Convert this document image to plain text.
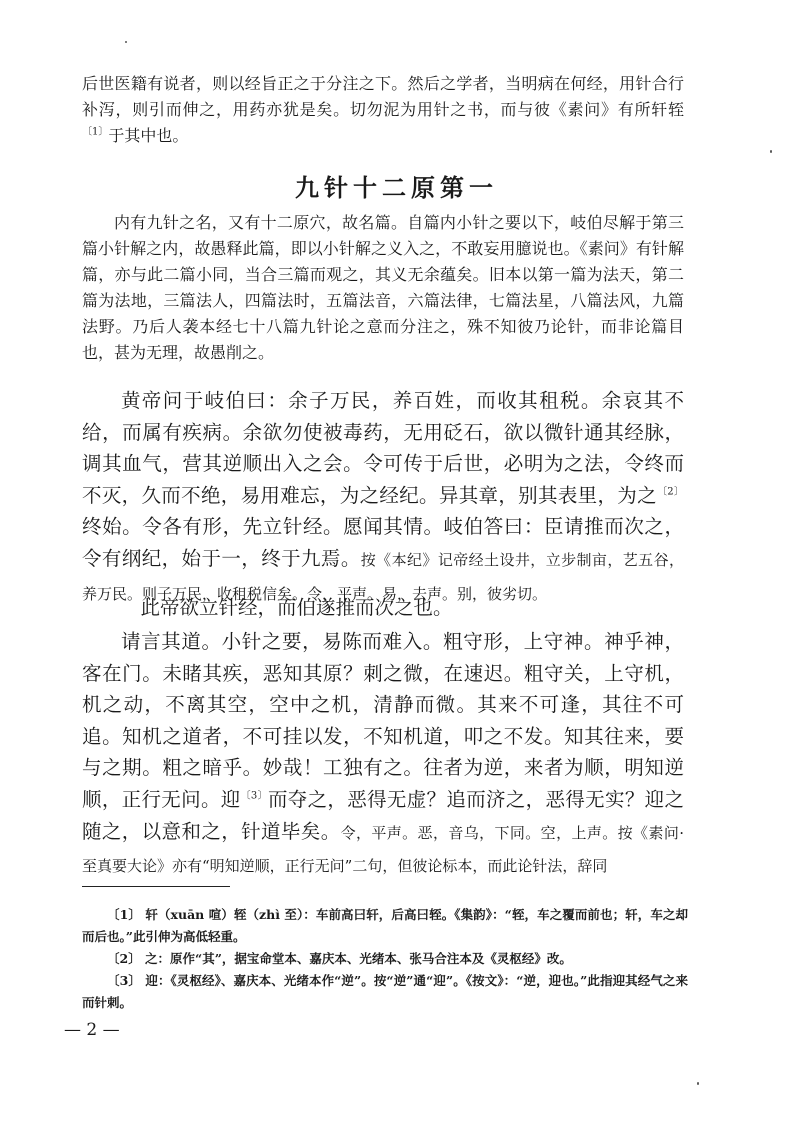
后世医籍有说者，则以经旨正之于分注之下。然后之学者，当明病在何经，用针合行补泻，则引而伸之，用药亦犹是矣。切勿泥为用针之书，而与彼《素问》有所轩轾$^{〔1〕}$于其中也。

九针十二原第一

内有九针之名，又有十二原穴，故名篇。自篇内小针之要以下，岐伯尽解于第三篇小针解之内，故愚释此篇，即以小针解之义入之，不敢妄用臆说也。《素问》有针解篇，亦与此二篇小同，当合三篇而观之，其义无余蕴矣。旧本以第一篇为法天，第二篇为法地，三篇法人，四篇法时，五篇法音，六篇法律，七篇法星，八篇法风，九篇法野。乃后人袭本经七十八篇九针论之意而分注之，殊不知彼乃论针，而非论篇目也，甚为无理，故愚削之。

黄帝问于岐伯曰：余子万民，养百姓，而收其租税。余哀其不给，而属有疾病。余欲勿使被毒药，无用砭石，欲以微针通其经脉，调其血气，营其逆顺出入之会。令可传于后世，必明为之法，令终而不灭，久而不绝，易用难忘，为之经纪。异其章，别其表里，为之$^{〔2〕}$终始。令各有形，先立针经。愿闻其情。岐伯答曰：臣请推而次之，令有纲纪，始于一，终于九焉。按《本纪》记帝经土设井，立步制亩，艺五谷，养万民。则子万民，收租税信矣。令，平声。易，去声。别，彼劣切。

此帝欲立针经，而伯遂推而次之也。

请言其道。小针之要，易陈而难入。粗守形，上守神。神乎神，客在门。未睹其疾，恶知其原？刺之微，在速迟。粗守关，上守机，机之动，不离其空，空中之机，清静而微。其来不可逢，其往不可追。知机之道者，不可挂以发，不知机道，叩之不发。知其往来，要与之期。粗之暗乎。妙哉！工独有之。往者为逆，来者为顺，明知逆顺，正行无问。迎$^{〔3〕}$而夺之，恶得无虚？追而济之，恶得无实？迎之随之，以意和之，针道毕矣。令，平声。恶，音乌，下同。空，上声。按《素问·至真要大论》亦有“明知逆顺，正行无问”二句，但彼论标本，而此论针法，辞同

〔1〕 轩（xuān 喧）轾（zhì 至）：车前高曰轩，后高曰轾。《集韵》：“轾，车之覆而前也；轩，车之却而后也。”此引伸为高低轻重。

〔2〕 之：原作“其”，据宝命堂本、嘉庆本、光绪本、张马合注本及《灵枢经》改。

〔3〕 迎：《灵枢经》、嘉庆本、光绪本作“逆”。按“逆”通“迎”。《按文》：“逆，迎也。”此指迎其经气之来而针刺。

— 2 —
